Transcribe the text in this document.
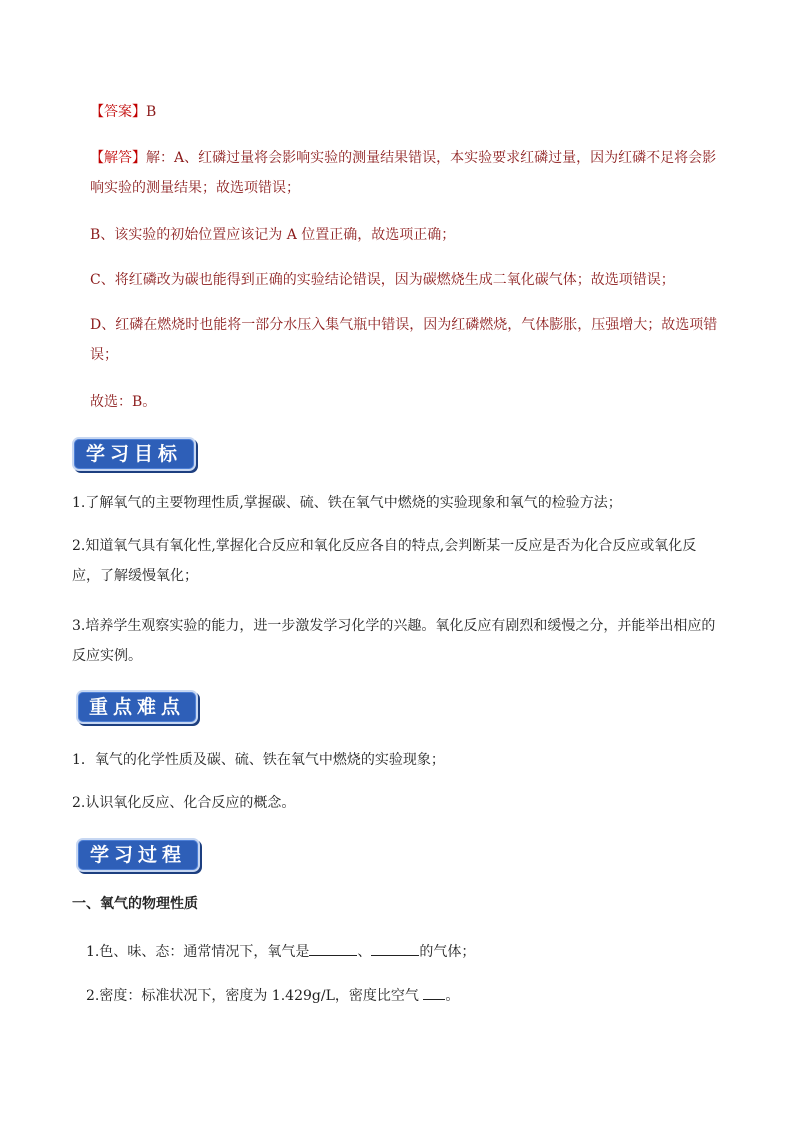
【答案】B
【解答】解：A、红磷过量将会影响实验的测量结果错误，本实验要求红磷过量，因为红磷不足将会影响实验的测量结果；故选项错误；
B、该实验的初始位置应该记为 A 位置正确，故选项正确；
C、将红磷改为碳也能得到正确的实验结论错误，因为碳燃烧生成二氧化碳气体；故选项错误；
D、红磷在燃烧时也能将一部分水压入集气瓶中错误，因为红磷燃烧，气体膨胀，压强增大；故选项错误；
故选：B。
学习目标
1.了解氧气的主要物理性质,掌握碳、硫、铁在氧气中燃烧的实验现象和氧气的检验方法；
2.知道氧气具有氧化性,掌握化合反应和氧化反应各自的特点,会判断某一反应是否为化合反应或氧化反应，了解缓慢氧化；
3.培养学生观察实验的能力，进一步激发学习化学的兴趣。氧化反应有剧烈和缓慢之分，并能举出相应的反应实例。
重点难点
1．氧气的化学性质及碳、硫、铁在氧气中燃烧的实验现象；
2.认识氧化反应、化合反应的概念。
学习过程
一、氧气的物理性质
1.色、味、态：通常情况下，氧气是	、	的气体；
2.密度：标准状况下，密度为 1.429g/L，密度比空气 。
